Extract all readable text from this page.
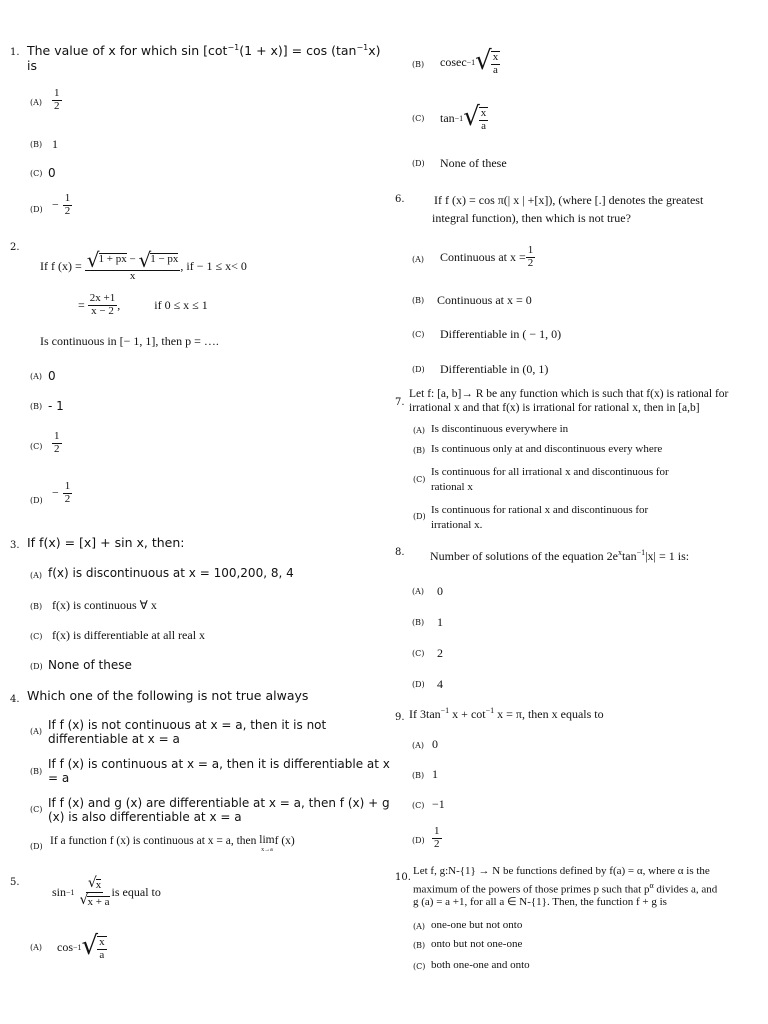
1. The value of x for which $\sin [\cot^{-1}(1 + x)] = \cos (\tan^{-1}x)$
is
$(A) \frac{1}{2}$
(B) 1
(C) 0
$(D) - \frac{1}{2}$
2.
If f (x) =
$\frac{√ 1 + px - √ 1 - px}{x}$ , if − 1 ≤ x< 0
=
$\frac{2x +1}{x - 2}$ ,	if 0 ≤ x ≤ 1
Is continuous in [− 1, 1], then p = ….
(A) 0
(B) - 1
$(C) \frac{1}{2}$
(D)
− $\frac{1}{2}$
3. If f(x) = [x] + sin x, then:
(A) f(x) is discontinuous at x = 100,200, 8, 4
(B) f(x) is continuous ∀ x
(C) f(x) is differentiable at all real x
(D) None of these
4. Which one of the following is not true always
(A) If f (x) is not continuous at x = a, then it is not
differentiable at x = a
(B)
If f (x) is continuous at x = a, then it is differentiable at x
= a
(C) If f (x) and g (x) are differentiable at x = a, then f (x) + g
(x) is also differentiable at x = a
(D) If a function f (x) is continuous at x = a, then
lim
x→a
f (x)
5.
sin −1
$\frac{√ x}{√ x + a}$ is equal to
(A) cos −1 √ $\frac{x}{a}$
(B) cosec −1 √ $\frac{x}{a}$
(C) tan −1 √ $\frac{x}{a}$
(D) None of these
6. If f (x) = cos π(| x | +[x]), (where [.] denotes the greatest
integral function), then which is not true?
(A) Continuous at $x = \frac{1}{2}$
(B) Continuous at x = 0
(C) Differentiable in ( − 1, 0)
(D) Differentiable in (0, 1)
7.
Let f: [a, b]→ R be any function which is such that f(x) is rational for
irrational x and that f(x) is irrational for rational x, then in [a,b]
(A) Is discontinuous everywhere in
(B) Is continuous only at and discontinuous every where
(C)
Is continuous for all irrational x and discontinuous for
rational x
(D)
Is continuous for rational x and discontinuous for
irrational x.
8. Number of solutions of the equation $2e^x\tan^{-1}|x| = 1$ is:
(A) 0
(B) 1
(C) 2
(D) 4
9. If $3\tan^{-1}$ $x + \cot^{-1} x = \pi$, then x equals to
(A) 0
(B) 1
(C) −1
$(D) \frac{1}{2}$
10.
Let f, g:N-{1} → N be functions defined by f(a) = α, where α is the
maximum of the powers of those primes p such that $p^\alpha$ divides a, and
g (a) = a +1, for all a ∈ N-{1}. Then, the function f + g is
(A) one-one but not onto
(B) onto but not one-one
(C) both one-one and onto
